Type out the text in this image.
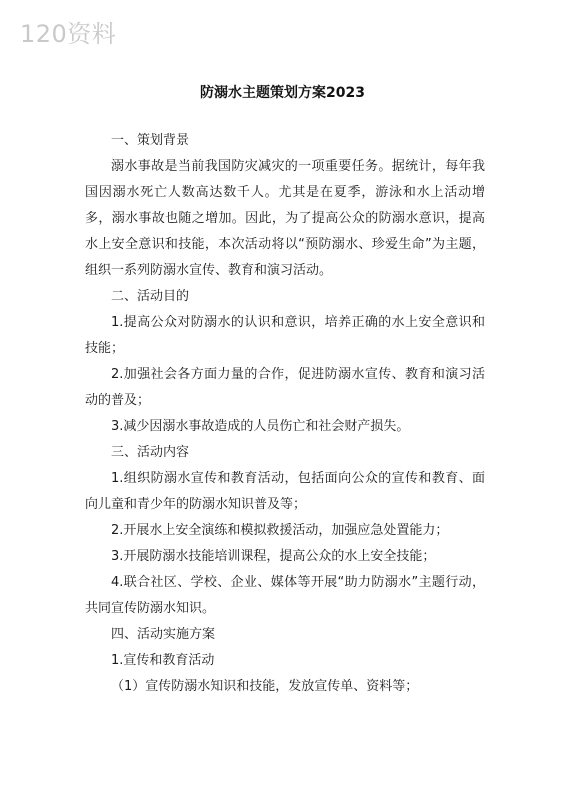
120资料
防溺水主题策划方案2023

一、策划背景

溺水事故是当前我国防灾减灾的一项重要任务。据统计，每年我国因溺水死亡人数高达数千人。尤其是在夏季，游泳和水上活动增多，溺水事故也随之增加。因此，为了提高公众的防溺水意识，提高水上安全意识和技能，本次活动将以“预防溺水、珍爱生命”为主题，组织一系列防溺水宣传、教育和演习活动。

二、活动目的

1.提高公众对防溺水的认识和意识，培养正确的水上安全意识和技能；

2.加强社会各方面力量的合作，促进防溺水宣传、教育和演习活动的普及；

3.减少因溺水事故造成的人员伤亡和社会财产损失。

三、活动内容

1.组织防溺水宣传和教育活动，包括面向公众的宣传和教育、面向儿童和青少年的防溺水知识普及等；

2.开展水上安全演练和模拟救援活动，加强应急处置能力；

3.开展防溺水技能培训课程，提高公众的水上安全技能；

4.联合社区、学校、企业、媒体等开展“助力防溺水”主题行动，共同宣传防溺水知识。

四、活动实施方案

1.宣传和教育活动

（1）宣传防溺水知识和技能，发放宣传单、资料等；
